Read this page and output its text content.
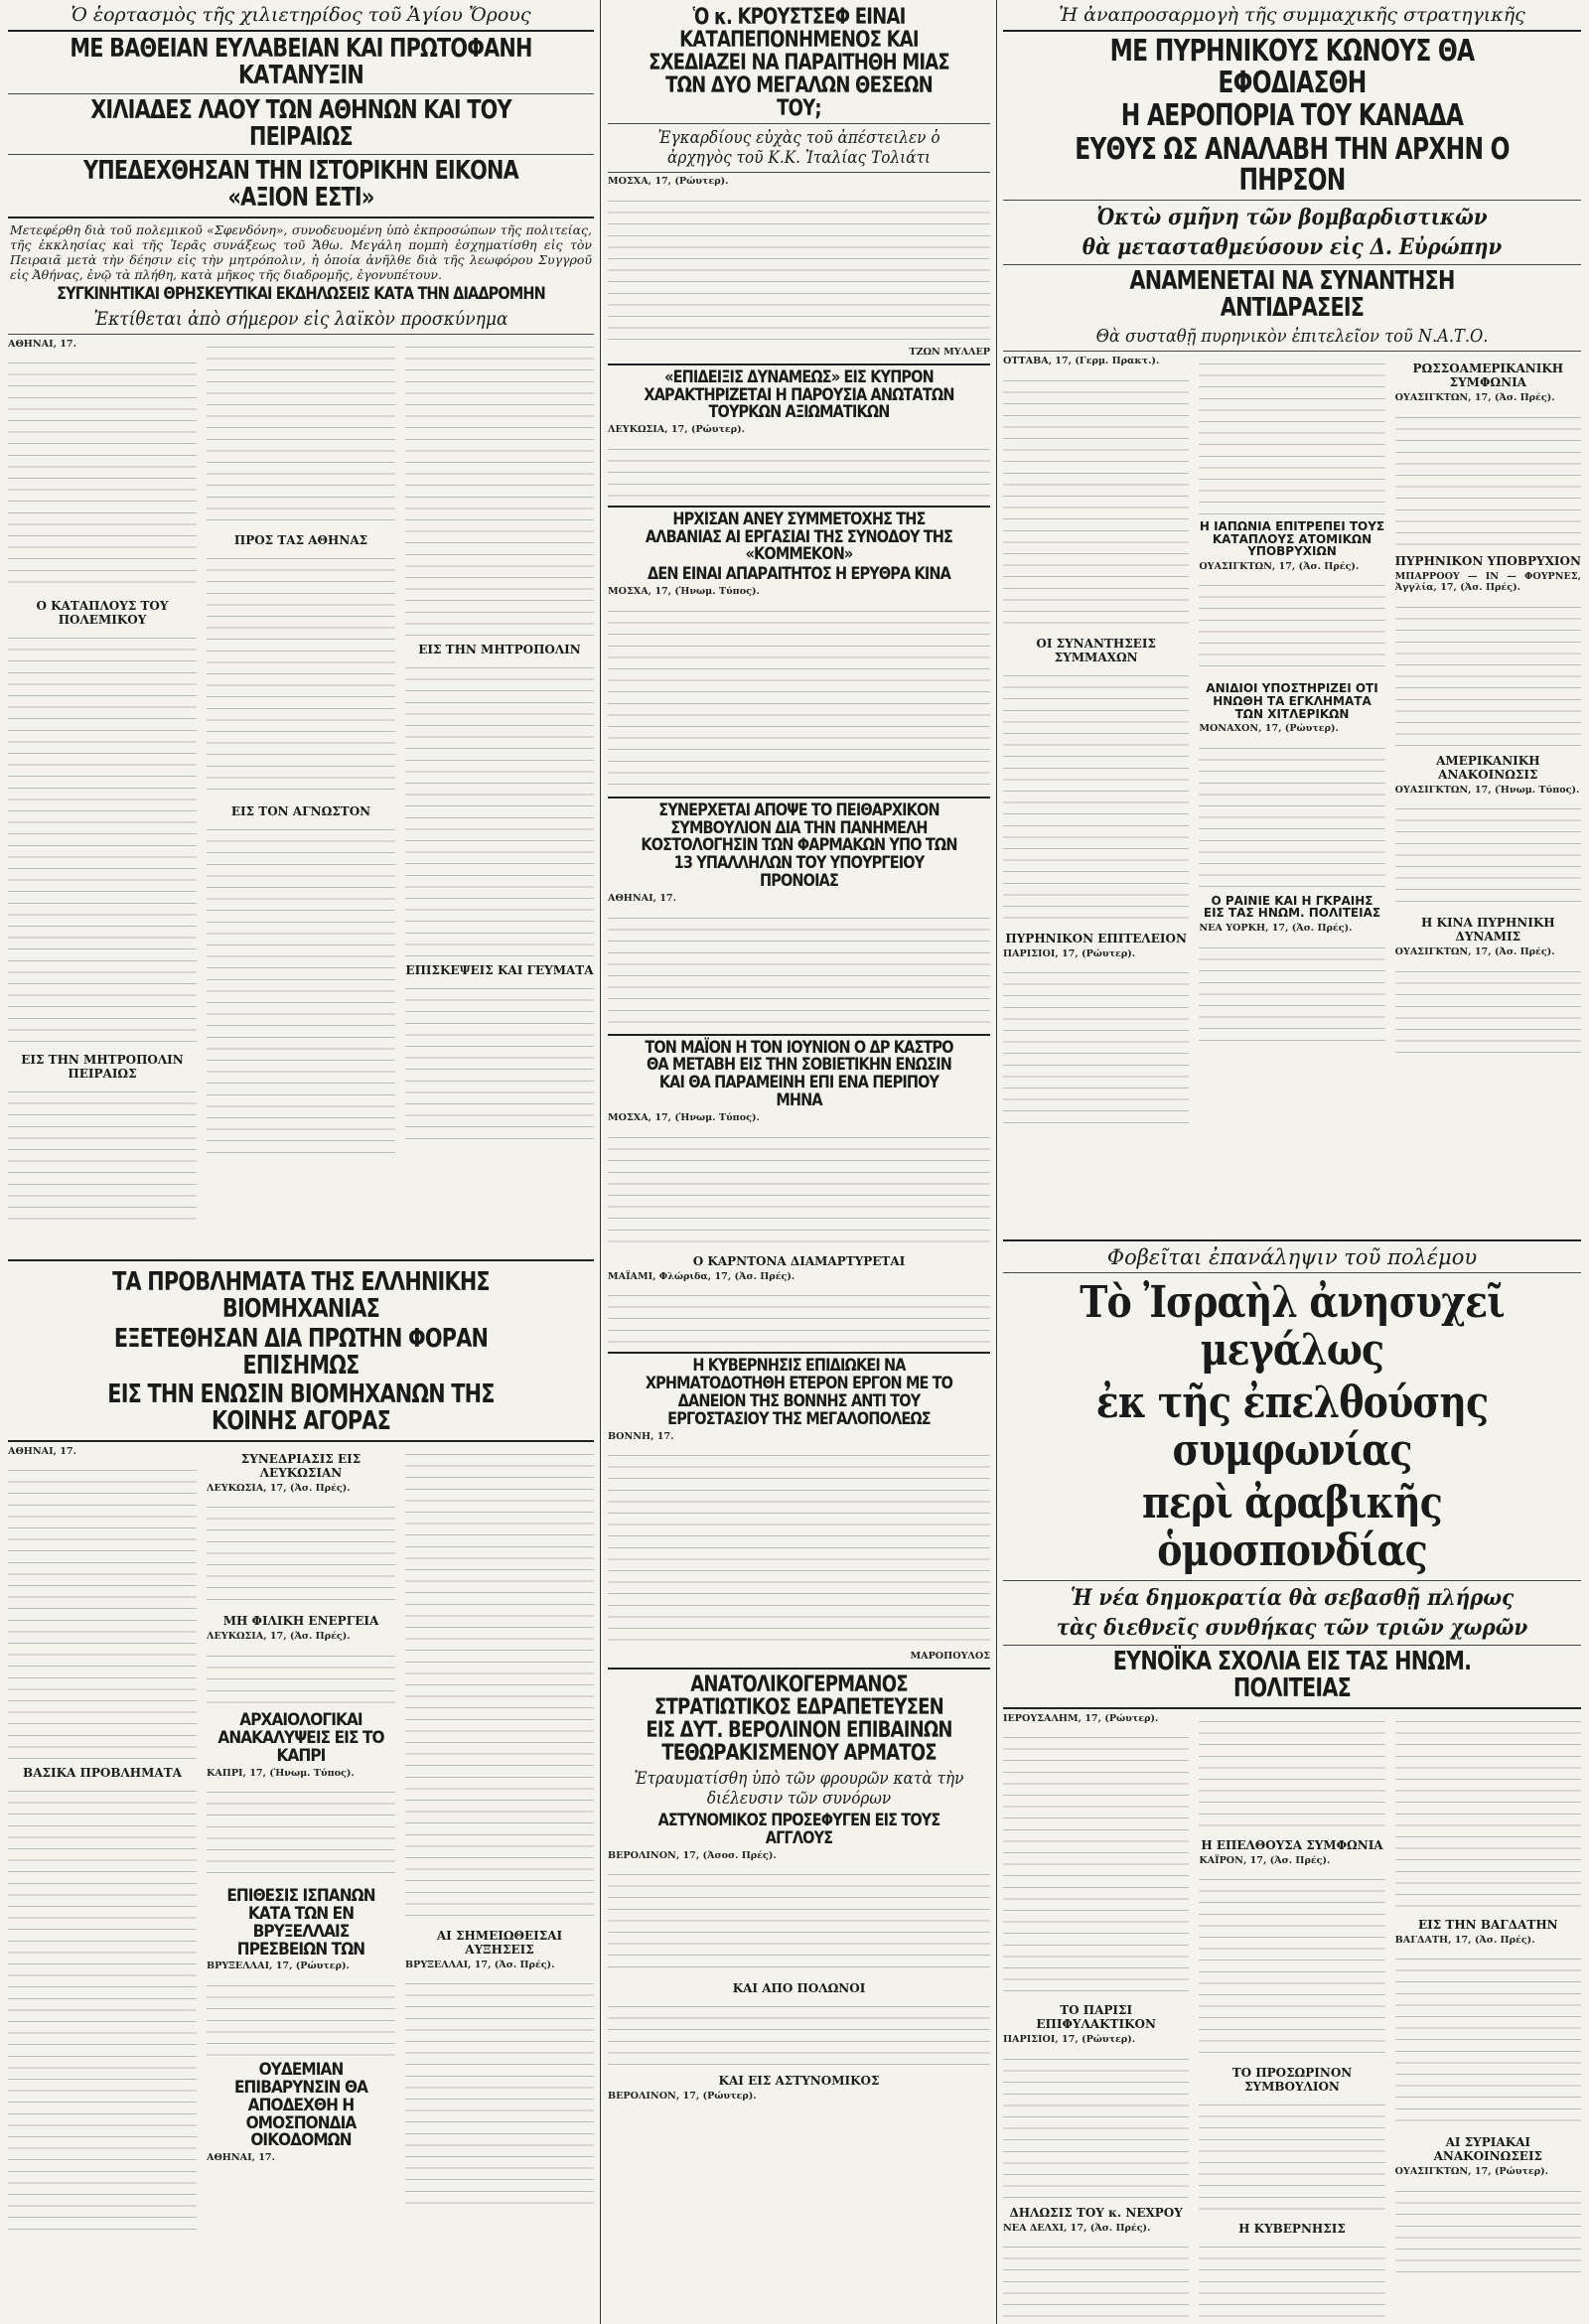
Ὁ ἑορτασμὸς τῆς χιλιετηρίδος τοῦ Ἁγίου Ὄρους
ΜΕ ΒΑΘΕΙΑΝ ΕΥΛΑΒΕΙΑΝ ΚΑΙ ΠΡΩΤΟΦΑΝΗ ΚΑΤΑΝΥΞΙΝ
ΧΙΛΙΑΔΕΣ ΛΑΟΥ ΤΩΝ ΑΘΗΝΩΝ ΚΑΙ ΤΟΥ ΠΕΙΡΑΙΩΣ
ΥΠΕΔΕΧΘΗΣΑΝ ΤΗΝ ΙΣΤΟΡΙΚΗΝ ΕΙΚΟΝΑ «ΑΞΙΟΝ ΕΣΤΙ»
Μετεφέρθη διὰ τοῦ πολεμικοῦ «Σφενδόνη», συνοδευομένη ὑπὸ ἐκπροσώπων τῆς πολιτείας, τῆς ἐκκλησίας καὶ τῆς Ἱερᾶς συνάξεως τοῦ Ἄθω. Μεγάλη πομπὴ ἐσχηματίσθη εἰς τὸν Πειραιᾶ μετὰ τὴν δέησιν εἰς τὴν μητρόπολιν, ἡ ὁποία ἀνῆλθε διὰ τῆς λεωφόρου Συγγροῦ εἰς Ἀθήνας, ἐνῷ τὰ πλήθη, κατὰ μῆκος τῆς διαδρομῆς, ἐγονυπέτουν.
ΣΥΓΚΙΝΗΤΙΚΑΙ ΘΡΗΣΚΕΥΤΙΚΑΙ ΕΚΔΗΛΩΣΕΙΣ ΚΑΤΑ ΤΗΝ ΔΙΑΔΡΟΜΗΝ
Ἐκτίθεται ἀπὸ σήμερον εἰς λαϊκὸν προσκύνημα
ΑΘΗΝΑΙ, 17.
Ο ΚΑΤΑΠΛΟΥΣ ΤΟΥ ΠΟΛΕΜΙΚΟΥ
ΕΙΣ ΤΗΝ ΜΗΤΡΟΠΟΛΙΝ ΠΕΙΡΑΙΩΣ
ΠΡΟΣ ΤΑΣ ΑΘΗΝΑΣ
ΕΙΣ ΤΟΝ ΑΓΝΩΣΤΟΝ
ΕΙΣ ΤΗΝ ΜΗΤΡΟΠΟΛΙΝ
ΕΠΙΣΚΕΨΕΙΣ ΚΑΙ ΓΕΥΜΑΤΑ
ΤΑ ΠΡΟΒΛΗΜΑΤΑ ΤΗΣ ΕΛΛΗΝΙΚΗΣ ΒΙΟΜΗΧΑΝΙΑΣ
ΕΞΕΤΕΘΗΣΑΝ ΔΙΑ ΠΡΩΤΗΝ ΦΟΡΑΝ ΕΠΙΣΗΜΩΣ
ΕΙΣ ΤΗΝ ΕΝΩΣΙΝ ΒΙΟΜΗΧΑΝΩΝ ΤΗΣ ΚΟΙΝΗΣ ΑΓΟΡΑΣ
ΑΘΗΝΑΙ, 17.
ΒΑΣΙΚΑ ΠΡΟΒΛΗΜΑΤΑ
ΣΥΝΕΔΡΙΑΣΙΣ ΕΙΣ ΛΕΥΚΩΣΙΑΝ
ΛΕΥΚΩΣΙΑ, 17, (Ἀσ. Πρές).
ΜΗ ΦΙΛΙΚΗ ΕΝΕΡΓΕΙΑ
ΛΕΥΚΩΣΙΑ, 17, (Ἀσ. Πρές).
ΑΡΧΑΙΟΛΟΓΙΚΑΙ ΑΝΑΚΑΛΥΨΕΙΣ ΕΙΣ ΤΟ ΚΑΠΡΙ
ΚΑΠΡΙ, 17, (Ἡνωμ. Τύπος).
ΕΠΙΘΕΣΙΣ ΙΣΠΑΝΩΝ ΚΑΤΑ ΤΩΝ ΕΝ ΒΡΥΞΕΛΛΑΙΣ ΠΡΕΣΒΕΙΩΝ ΤΩΝ
ΒΡΥΞΕΛΛΑΙ, 17, (Ρώυτερ).
ΟΥΔΕΜΙΑΝ ΕΠΙΒΑΡΥΝΣΙΝ ΘΑ ΑΠΟΔΕΧΘΗ Η ΟΜΟΣΠΟΝΔΙΑ ΟΙΚΟΔΟΜΩΝ
ΑΘΗΝΑΙ, 17.
ΑΙ ΣΗΜΕΙΩΘΕΙΣΑΙ ΑΥΞΗΣΕΙΣ
ΒΡΥΞΕΛΛΑΙ, 17, (Ἀσ. Πρές).
Ὁ κ. ΚΡΟΥΣΤΣΕΦ ΕΙΝΑΙ ΚΑΤΑΠΕΠΟΝΗΜΕΝΟΣ ΚΑΙ ΣΧΕΔΙΑΖΕΙ ΝΑ ΠΑΡΑΙΤΗΘΗ ΜΙΑΣ ΤΩΝ ΔΥΟ ΜΕΓΑΛΩΝ ΘΕΣΕΩΝ ΤΟΥ;
Ἐγκαρδίους εὐχὰς τοῦ ἀπέστειλεν ὁ ἀρχηγὸς τοῦ Κ.Κ. Ἰταλίας Τολιάτι
ΜΟΣΧΑ, 17, (Ρώυτερ).
ΤΖΩΝ ΜΥΛΛΕΡ
«ΕΠΙΔΕΙΞΙΣ ΔΥΝΑΜΕΩΣ» ΕΙΣ ΚΥΠΡΟΝ ΧΑΡΑΚΤΗΡΙΖΕΤΑΙ Η ΠΑΡΟΥΣΙΑ ΑΝΩΤΑΤΩΝ ΤΟΥΡΚΩΝ ΑΞΙΩΜΑΤΙΚΩΝ
ΛΕΥΚΩΣΙΑ, 17, (Ρώυτερ).
ΗΡΧΙΣΑΝ ΑΝΕΥ ΣΥΜΜΕΤΟΧΗΣ ΤΗΣ ΑΛΒΑΝΙΑΣ ΑΙ ΕΡΓΑΣΙΑΙ ΤΗΣ ΣΥΝΟΔΟΥ ΤΗΣ «ΚΟΜΜΕΚΟΝ»
ΔΕΝ ΕΙΝΑΙ ΑΠΑΡΑΙΤΗΤΟΣ Η ΕΡΥΘΡΑ ΚΙΝΑ
ΜΟΣΧΑ, 17, (Ἡνωμ. Τύπος).
ΣΥΝΕΡΧΕΤΑΙ ΑΠΟΨΕ ΤΟ ΠΕΙΘΑΡΧΙΚΟΝ ΣΥΜΒΟΥΛΙΟΝ ΔΙΑ ΤΗΝ ΠΑΝΗΜΕΛΗ ΚΟΣΤΟΛΟΓΗΣΙΝ ΤΩΝ ΦΑΡΜΑΚΩΝ ΥΠΟ ΤΩΝ 13 ΥΠΑΛΛΗΛΩΝ ΤΟΥ ΥΠΟΥΡΓΕΙΟΥ ΠΡΟΝΟΙΑΣ
ΑΘΗΝΑΙ, 17.
ΤΟΝ ΜΑΪΟΝ Η ΤΟΝ ΙΟΥΝΙΟΝ Ο ΔΡ ΚΑΣΤΡΟ ΘΑ ΜΕΤΑΒΗ ΕΙΣ ΤΗΝ ΣΟΒΙΕΤΙΚΗΝ ΕΝΩΣΙΝ ΚΑΙ ΘΑ ΠΑΡΑΜΕΙΝΗ ΕΠΙ ΕΝΑ ΠΕΡΙΠΟΥ ΜΗΝΑ
ΜΟΣΧΑ, 17, (Ἡνωμ. Τύπος).
Ο ΚΑΡΝΤΟΝΑ ΔΙΑΜΑΡΤΥΡΕΤΑΙ
ΜΑΪΑΜΙ, Φλώριδα, 17, (Ἀσ. Πρές).
Η ΚΥΒΕΡΝΗΣΙΣ ΕΠΙΔΙΩΚΕΙ ΝΑ ΧΡΗΜΑΤΟΔΟΤΗΘΗ ΕΤΕΡΟΝ ΕΡΓΟΝ ΜΕ ΤΟ ΔΑΝΕΙΟΝ ΤΗΣ ΒΟΝΝΗΣ ΑΝΤΙ ΤΟΥ ΕΡΓΟΣΤΑΣΙΟΥ ΤΗΣ ΜΕΓΑΛΟΠΟΛΕΩΣ
ΒΟΝΝΗ, 17.
ΜΑΡΟΠΟΥΛΟΣ
ΑΝΑΤΟΛΙΚΟΓΕΡΜΑΝΟΣ ΣΤΡΑΤΙΩΤΙΚΟΣ ΕΔΡΑΠΕΤΕΥΣΕΝ ΕΙΣ ΔΥΤ. ΒΕΡΟΛΙΝΟΝ ΕΠΙΒΑΙΝΩΝ ΤΕΘΩΡΑΚΙΣΜΕΝΟΥ ΑΡΜΑΤΟΣ
Ἐτραυματίσθη ὑπὸ τῶν φρουρῶν κατὰ τὴν διέλευσιν τῶν συνόρων
ΑΣΤΥΝΟΜΙΚΟΣ ΠΡΟΣΕΦΥΓΕΝ ΕΙΣ ΤΟΥΣ ΑΓΓΛΟΥΣ
ΒΕΡΟΛΙΝΟΝ, 17, (Ἀσοσ. Πρές).
ΚΑΙ ΑΠΟ ΠΟΛΩΝΟΙ
ΚΑΙ ΕΙΣ ΑΣΤΥΝΟΜΙΚΟΣ
ΒΕΡΟΛΙΝΟΝ, 17, (Ρώυτερ).
Ἡ ἀναπροσαρμογὴ τῆς συμμαχικῆς στρατηγικῆς
ΜΕ ΠΥΡΗΝΙΚΟΥΣ ΚΩΝΟΥΣ ΘΑ ΕΦΟΔΙΑΣΘΗ
Η ΑΕΡΟΠΟΡΙΑ ΤΟΥ ΚΑΝΑΔΑ
ΕΥΘΥΣ ΩΣ ΑΝΑΛΑΒΗ ΤΗΝ ΑΡΧΗΝ Ο ΠΗΡΣΟΝ
Ὀκτὼ σμῆνη τῶν βομβαρδιστικῶν
θὰ μετασταθμεύσουν εἰς Δ. Εὐρώπην
ΑΝΑΜΕΝΕΤΑΙ ΝΑ ΣΥΝΑΝΤΗΣΗ ΑΝΤΙΔΡΑΣΕΙΣ
Θὰ συσταθῇ πυρηνικὸν ἐπιτελεῖον τοῦ Ν.Α.Τ.Ο.
ΟΤΤΑΒΑ, 17, (Γερμ. Πρακτ.).
ΟΙ ΣΥΝΑΝΤΗΣΕΙΣ ΣΥΜΜΑΧΩΝ
ΠΥΡΗΝΙΚΟΝ ΕΠΙΤΕΛΕΙΟΝ
ΠΑΡΙΣΙΟΙ, 17, (Ρώυτερ).
Η ΙΑΠΩΝΙΑ ΕΠΙΤΡΕΠΕΙ ΤΟΥΣ ΚΑΤΑΠΛΟΥΣ ΑΤΟΜΙΚΩΝ ΥΠΟΒΡΥΧΙΩΝ
ΟΥΑΣΙΓΚΤΩΝ, 17, (Ἀσ. Πρές).
ΑΝΙΔΙΟΙ ΥΠΟΣΤΗΡΙΖΕΙ ΟΤΙ ΗΝΩΘΗ ΤΑ ΕΓΚΛΗΜΑΤΑ ΤΩΝ ΧΙΤΛΕΡΙΚΩΝ
ΜΟΝΑΧΟΝ, 17, (Ρώυτερ).
Ο ΡΑΙΝΙΕ ΚΑΙ Η ΓΚΡΑΙΗΣ ΕΙΣ ΤΑΣ ΗΝΩΜ. ΠΟΛΙΤΕΙΑΣ
ΝΕΑ ΥΟΡΚΗ, 17, (Ἀσ. Πρές).
ΡΩΣΣΟΑΜΕΡΙΚΑΝΙΚΗ ΣΥΜΦΩΝΙΑ
ΟΥΑΣΙΓΚΤΩΝ, 17, (Ἀσ. Πρές).
ΠΥΡΗΝΙΚΟΝ ΥΠΟΒΡΥΧΙΟΝ
ΜΠΑΡΡΟΟΥ — ΙΝ — ΦΟΥΡΝΕΣ, Ἀγγλία, 17, (Ἀσ. Πρές).
ΑΜΕΡΙΚΑΝΙΚΗ ΑΝΑΚΟΙΝΩΣΙΣ
ΟΥΑΣΙΓΚΤΩΝ, 17, (Ἡνωμ. Τύπος).
Η ΚΙΝΑ ΠΥΡΗΝΙΚΗ ΔΥΝΑΜΙΣ
ΟΥΑΣΙΓΚΤΩΝ, 17, (Ἀσ. Πρές).
Φοβεῖται ἐπανάληψιν τοῦ πολέμου
Τὸ Ἰσραὴλ ἀνησυχεῖ μεγάλως
ἐκ τῆς ἐπελθούσης συμφωνίας
περὶ ἀραβικῆς ὁμοσπονδίας
Ἡ νέα δημοκρατία θὰ σεβασθῇ πλήρως
τὰς διεθνεῖς συνθήκας τῶν τριῶν χωρῶν
ΕΥΝΟΪΚΑ ΣΧΟΛΙΑ ΕΙΣ ΤΑΣ ΗΝΩΜ. ΠΟΛΙΤΕΙΑΣ
ΙΕΡΟΥΣΑΛΗΜ, 17, (Ρώυτερ).
ΤΟ ΠΑΡΙΣΙ ΕΠΙΦΥΛΑΚΤΙΚΟΝ
ΠΑΡΙΣΙΟΙ, 17, (Ρώυτερ).
ΔΗΛΩΣΙΣ ΤΟΥ κ. ΝΕΧΡΟΥ
ΝΕΑ ΔΕΛΧΙ, 17, (Ἀσ. Πρές).
Η ΕΠΕΛΘΟΥΣΑ ΣΥΜΦΩΝΙΑ
ΚΑΪΡΟΝ, 17, (Ἀσ. Πρές).
ΤΟ ΠΡΟΣΩΡΙΝΟΝ ΣΥΜΒΟΥΛΙΟΝ
Η ΚΥΒΕΡΝΗΣΙΣ
ΕΙΣ ΤΗΝ ΒΑΓΔΑΤΗΝ
ΒΑΓΔΑΤΗ, 17, (Ἀσ. Πρές).
ΑΙ ΣΥΡΙΑΚΑΙ ΑΝΑΚΟΙΝΩΣΕΙΣ
ΟΥΑΣΙΓΚΤΩΝ, 17, (Ρώυτερ).
